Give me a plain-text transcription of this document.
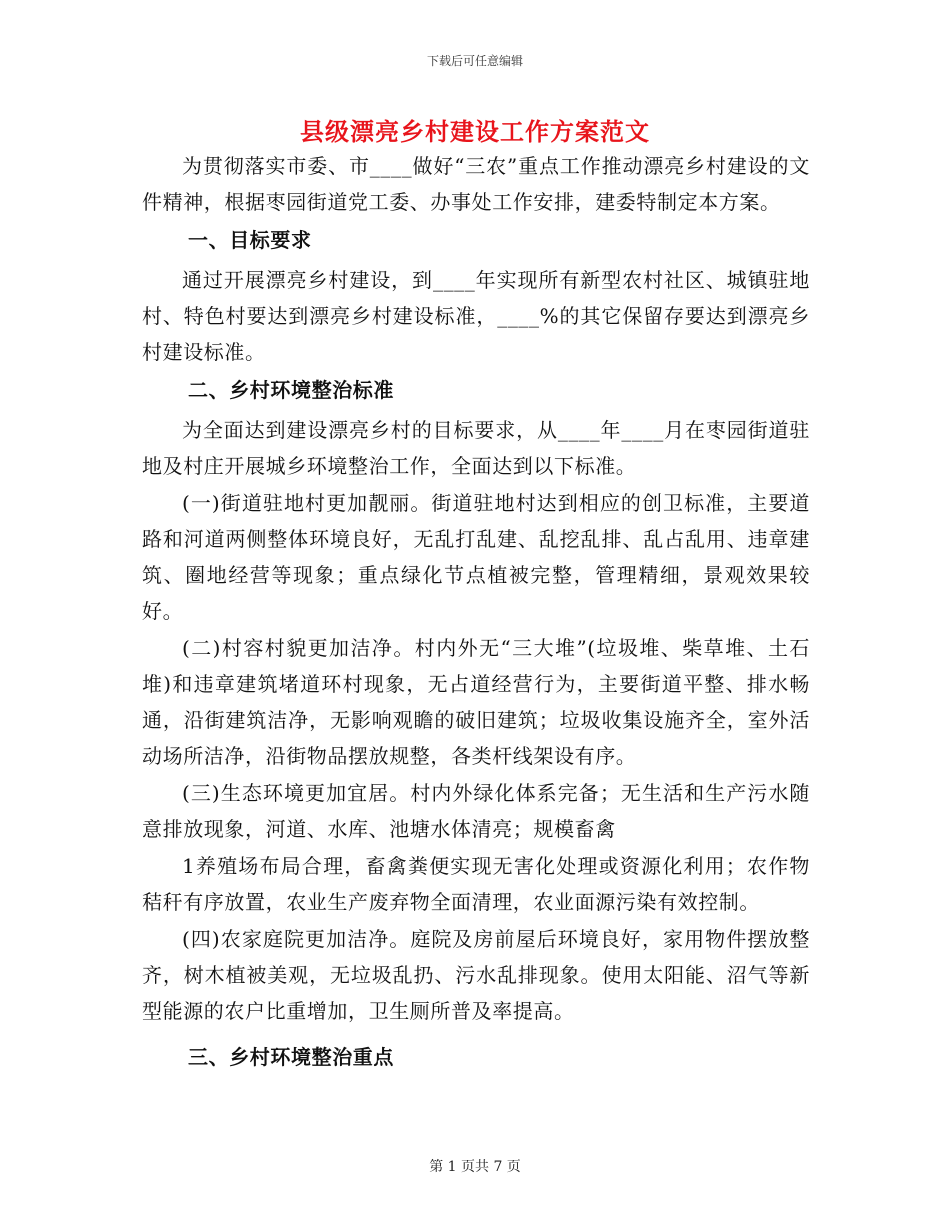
下载后可任意编辑
县级漂亮乡村建设工作方案范文

为贯彻落实市委、市____做好“三农”重点工作推动漂亮乡村建设的文件精神，根据枣园街道党工委、办事处工作安排，建委特制定本方案。

一、目标要求

通过开展漂亮乡村建设，到____年实现所有新型农村社区、城镇驻地村、特色村要达到漂亮乡村建设标准，____%的其它保留存要达到漂亮乡村建设标准。

二、乡村环境整治标准

为全面达到建设漂亮乡村的目标要求，从____年____月在枣园街道驻地及村庄开展城乡环境整治工作，全面达到以下标准。

(一)街道驻地村更加靓丽。街道驻地村达到相应的创卫标准，主要道路和河道两侧整体环境良好，无乱打乱建、乱挖乱排、乱占乱用、违章建筑、圈地经营等现象；重点绿化节点植被完整，管理精细，景观效果较好。

(二)村容村貌更加洁净。村内外无“三大堆”(垃圾堆、柴草堆、土石堆)和违章建筑堵道环村现象，无占道经营行为，主要街道平整、排水畅通，沿街建筑洁净，无影响观瞻的破旧建筑；垃圾收集设施齐全，室外活动场所洁净，沿街物品摆放规整，各类杆线架设有序。

(三)生态环境更加宜居。村内外绿化体系完备；无生活和生产污水随意排放现象，河道、水库、池塘水体清亮；规模畜禽

1养殖场布局合理，畜禽粪便实现无害化处理或资源化利用；农作物秸秆有序放置，农业生产废弃物全面清理，农业面源污染有效控制。

(四)农家庭院更加洁净。庭院及房前屋后环境良好，家用物件摆放整齐，树木植被美观，无垃圾乱扔、污水乱排现象。使用太阳能、沼气等新型能源的农户比重增加，卫生厕所普及率提高。

三、乡村环境整治重点

第 1 页共 7 页
